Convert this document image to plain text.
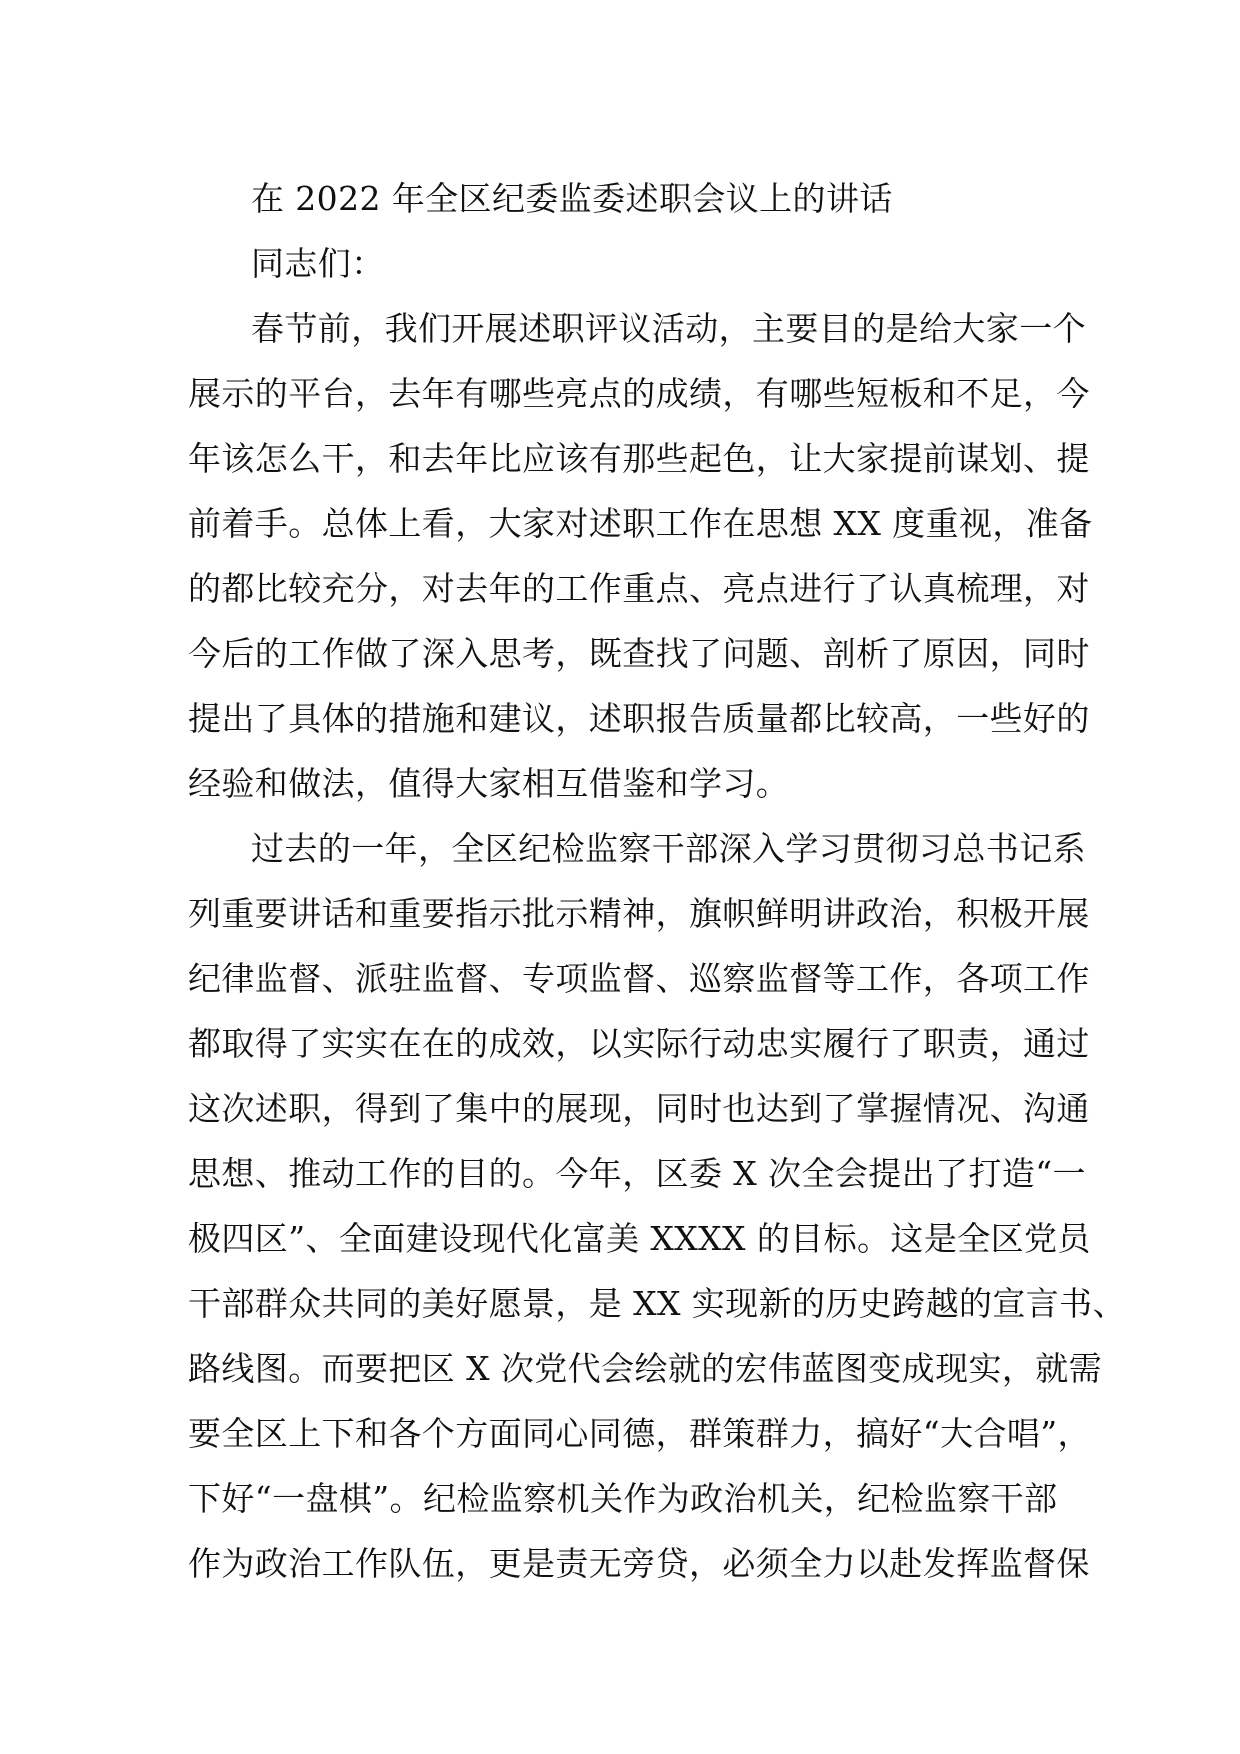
在 2022 年全区纪委监委述职会议上的讲话
同志们：
春节前，我们开展述职评议活动，主要目的是给大家一个
展示的平台，去年有哪些亮点的成绩，有哪些短板和不足，今
年该怎么干，和去年比应该有那些起色，让大家提前谋划、提
前着手。总体上看，大家对述职工作在思想 XX 度重视，准备
的都比较充分，对去年的工作重点、亮点进行了认真梳理，对
今后的工作做了深入思考，既查找了问题、剖析了原因，同时
提出了具体的措施和建议，述职报告质量都比较高，一些好的
经验和做法，值得大家相互借鉴和学习。
过去的一年，全区纪检监察干部深入学习贯彻习总书记系
列重要讲话和重要指示批示精神，旗帜鲜明讲政治，积极开展
纪律监督、派驻监督、专项监督、巡察监督等工作，各项工作
都取得了实实在在的成效，以实际行动忠实履行了职责，通过
这次述职，得到了集中的展现，同时也达到了掌握情况、沟通
思想、推动工作的目的。今年，区委 X 次全会提出了打造“一
极四区”、全面建设现代化富美 XXXX 的目标。这是全区党员
干部群众共同的美好愿景，是 XX 实现新的历史跨越的宣言书、
路线图。而要把区 X 次党代会绘就的宏伟蓝图变成现实，就需
要全区上下和各个方面同心同德，群策群力，搞好“大合唱”，
下好“一盘棋”。纪检监察机关作为政治机关，纪检监察干部
作为政治工作队伍，更是责无旁贷，必须全力以赴发挥监督保
